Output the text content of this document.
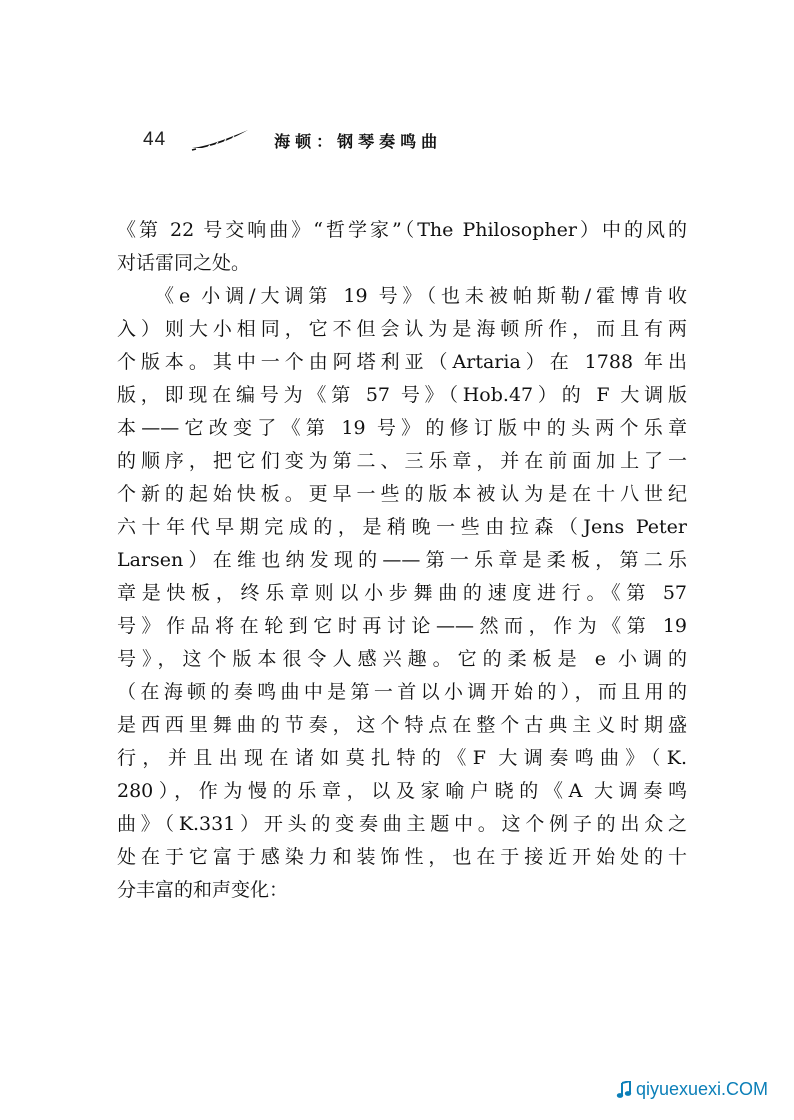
44	海顿：钢琴奏鸣曲
《第 22 号交响曲》“哲学家”（The Philosopher）中的风的
对话雷同之处。
《e 小调/大调第 19 号》（也未被帕斯勒/霍博肯收
入）则大小相同，它不但会认为是海顿所作，而且有两
个版本。其中一个由阿塔利亚（Artaria）在 1788 年出
版，即现在编号为《第 57 号》（Hob.47）的 F 大调版
本——它改变了《第 19 号》的修订版中的头两个乐章
的顺序，把它们变为第二、三乐章，并在前面加上了一
个新的起始快板。更早一些的版本被认为是在十八世纪
六十年代早期完成的，是稍晚一些由拉森（Jens Peter
Larsen）在维也纳发现的——第一乐章是柔板，第二乐
章是快板，终乐章则以小步舞曲的速度进行。《第 57
号》作品将在轮到它时再讨论——然而，作为《第 19
号》，这个版本很令人感兴趣。它的柔板是 e 小调的
（在海顿的奏鸣曲中是第一首以小调开始的），而且用的
是西西里舞曲的节奏，这个特点在整个古典主义时期盛
行，并且出现在诸如莫扎特的《F 大调奏鸣曲》（K.
280），作为慢的乐章，以及家喻户晓的《A 大调奏鸣
曲》（K.331）开头的变奏曲主题中。这个例子的出众之
处在于它富于感染力和装饰性，也在于接近开始处的十
分丰富的和声变化：
qiyuexuexi.COM
